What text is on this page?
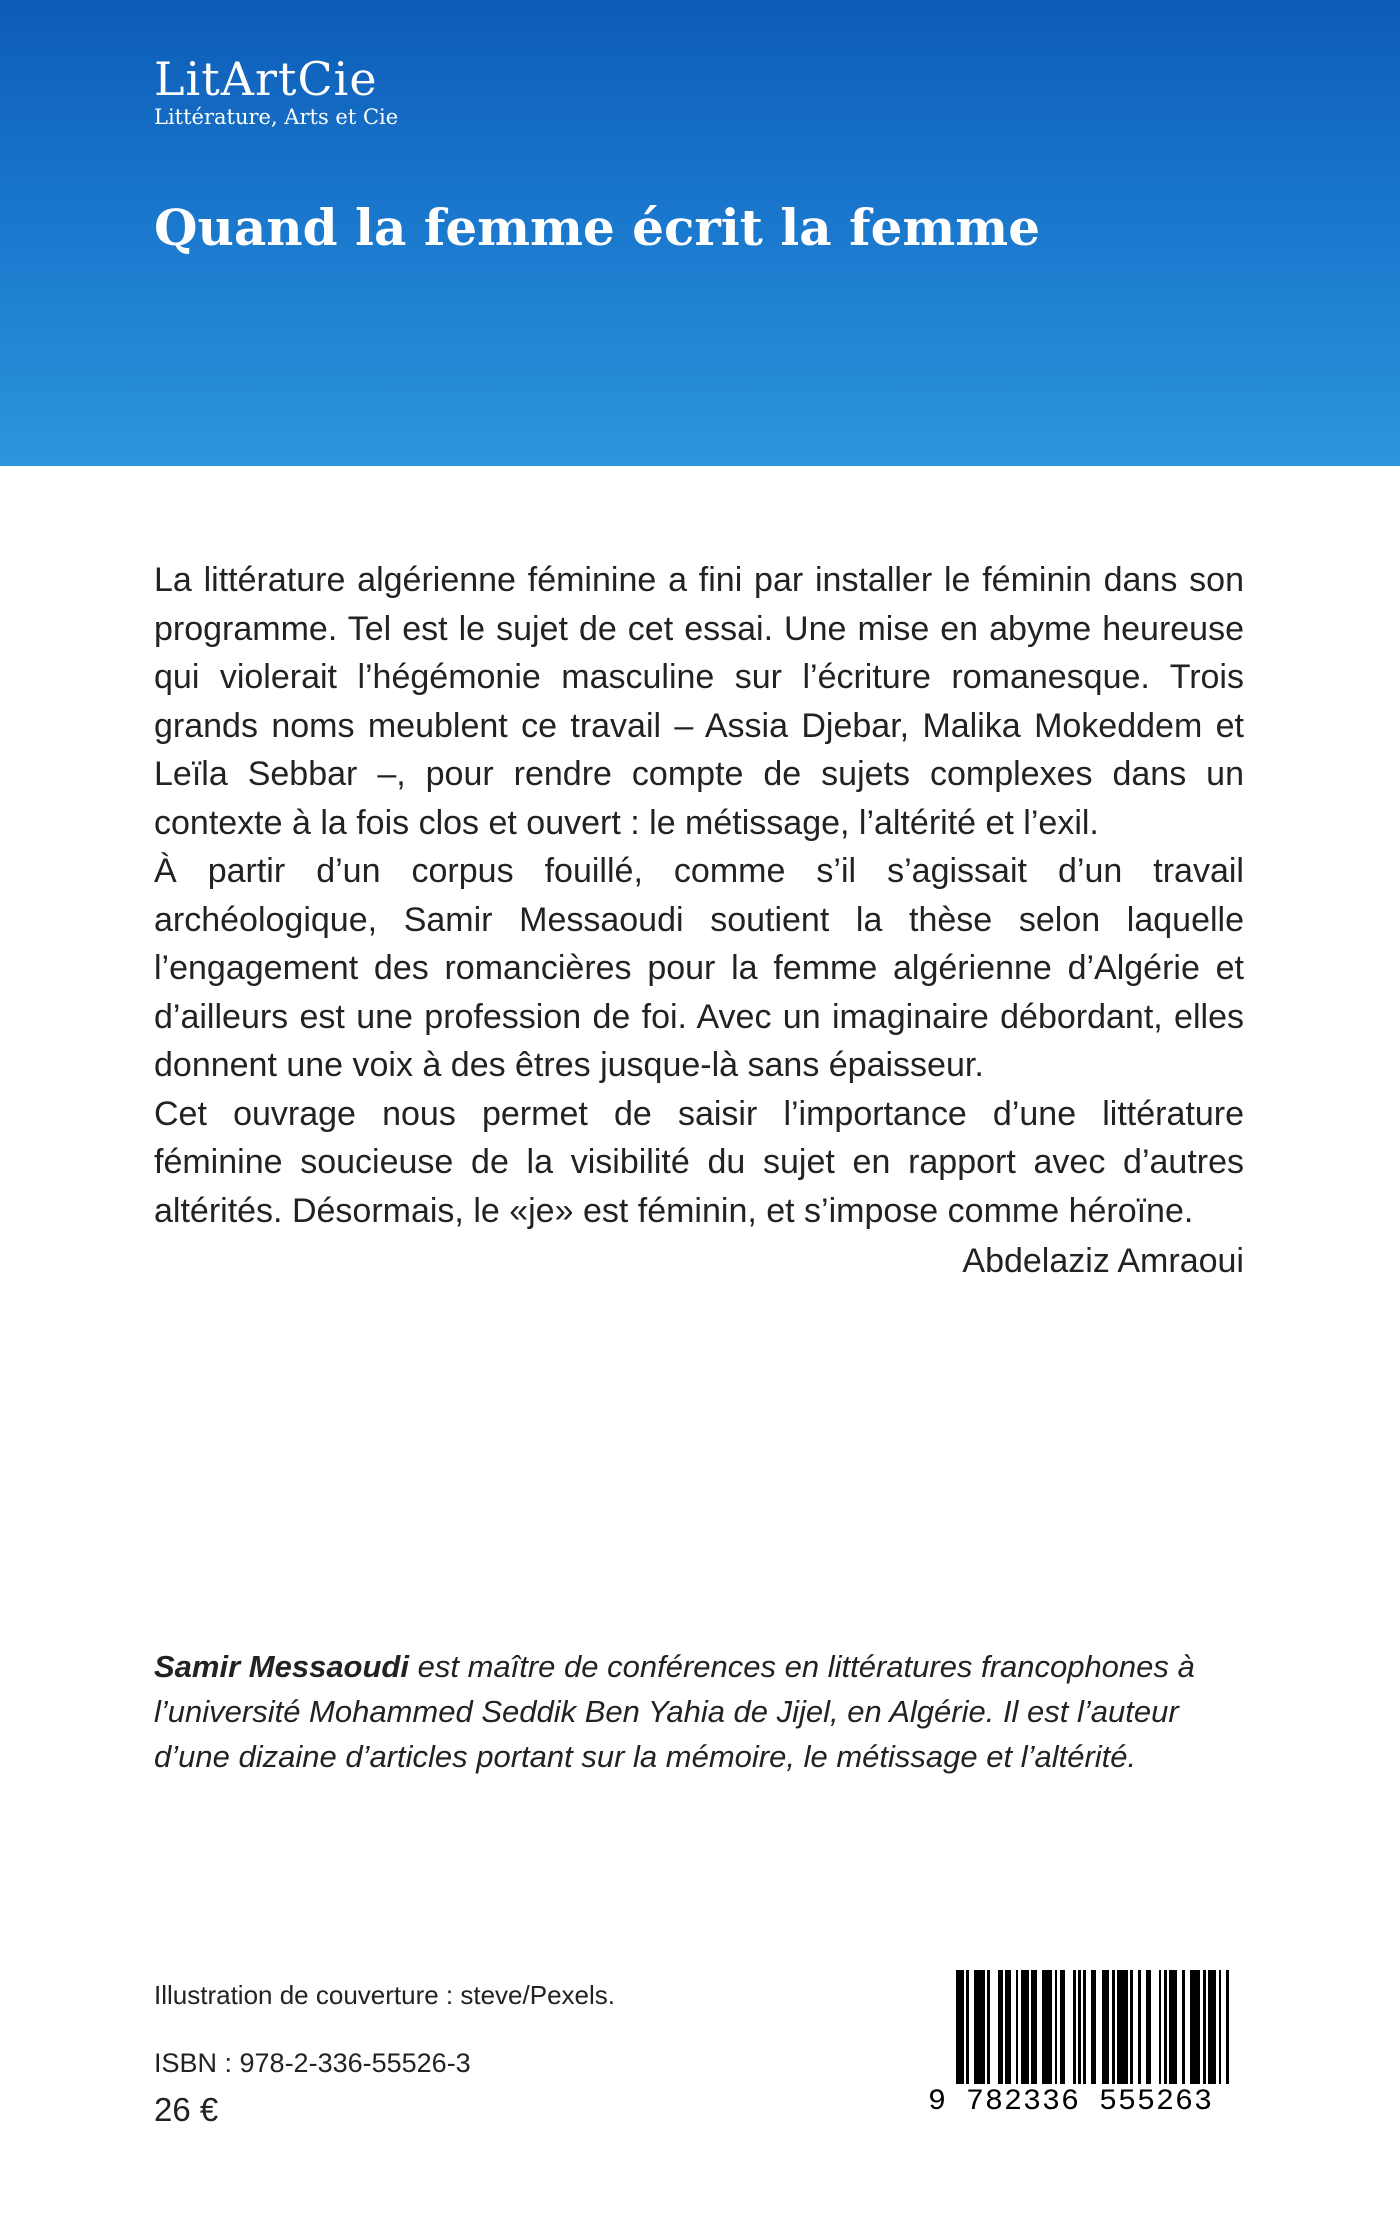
LitArtCie
Littérature, Arts et Cie
Quand la femme écrit la femme

La littérature algérienne féminine a fini par installer le féminin dans son programme. Tel est le sujet de cet essai. Une mise en abyme heureuse qui violerait l’hégémonie masculine sur l’écriture romanesque. Trois grands noms meublent ce travail – Assia Djebar, Malika Mokeddem et Leïla Sebbar –, pour rendre compte de sujets complexes dans un contexte à la fois clos et ouvert : le métissage, l’altérité et l’exil.

À partir d’un corpus fouillé, comme s’il s’agissait d’un travail archéologique, Samir Messaoudi soutient la thèse selon laquelle l’engagement des romancières pour la femme algérienne d’Algérie et d’ailleurs est une profession de foi. Avec un imaginaire débordant, elles donnent une voix à des êtres jusque-là sans épaisseur.

Cet ouvrage nous permet de saisir l’importance d’une littérature féminine soucieuse de la visibilité du sujet en rapport avec d’autres altérités. Désormais, le «je» est féminin, et s’impose comme héroïne.

Abdelaziz Amraoui

Samir Messaoudi est maître de conférences en littératures francophones à l’université Mohammed Seddik Ben Yahia de Jijel, en Algérie. Il est l’auteur d’une dizaine d’articles portant sur la mémoire, le métissage et l’altérité.

Illustration de couverture : steve/Pexels.
ISBN : 978-2-336-55526-3
26 €	9 782336 555263
